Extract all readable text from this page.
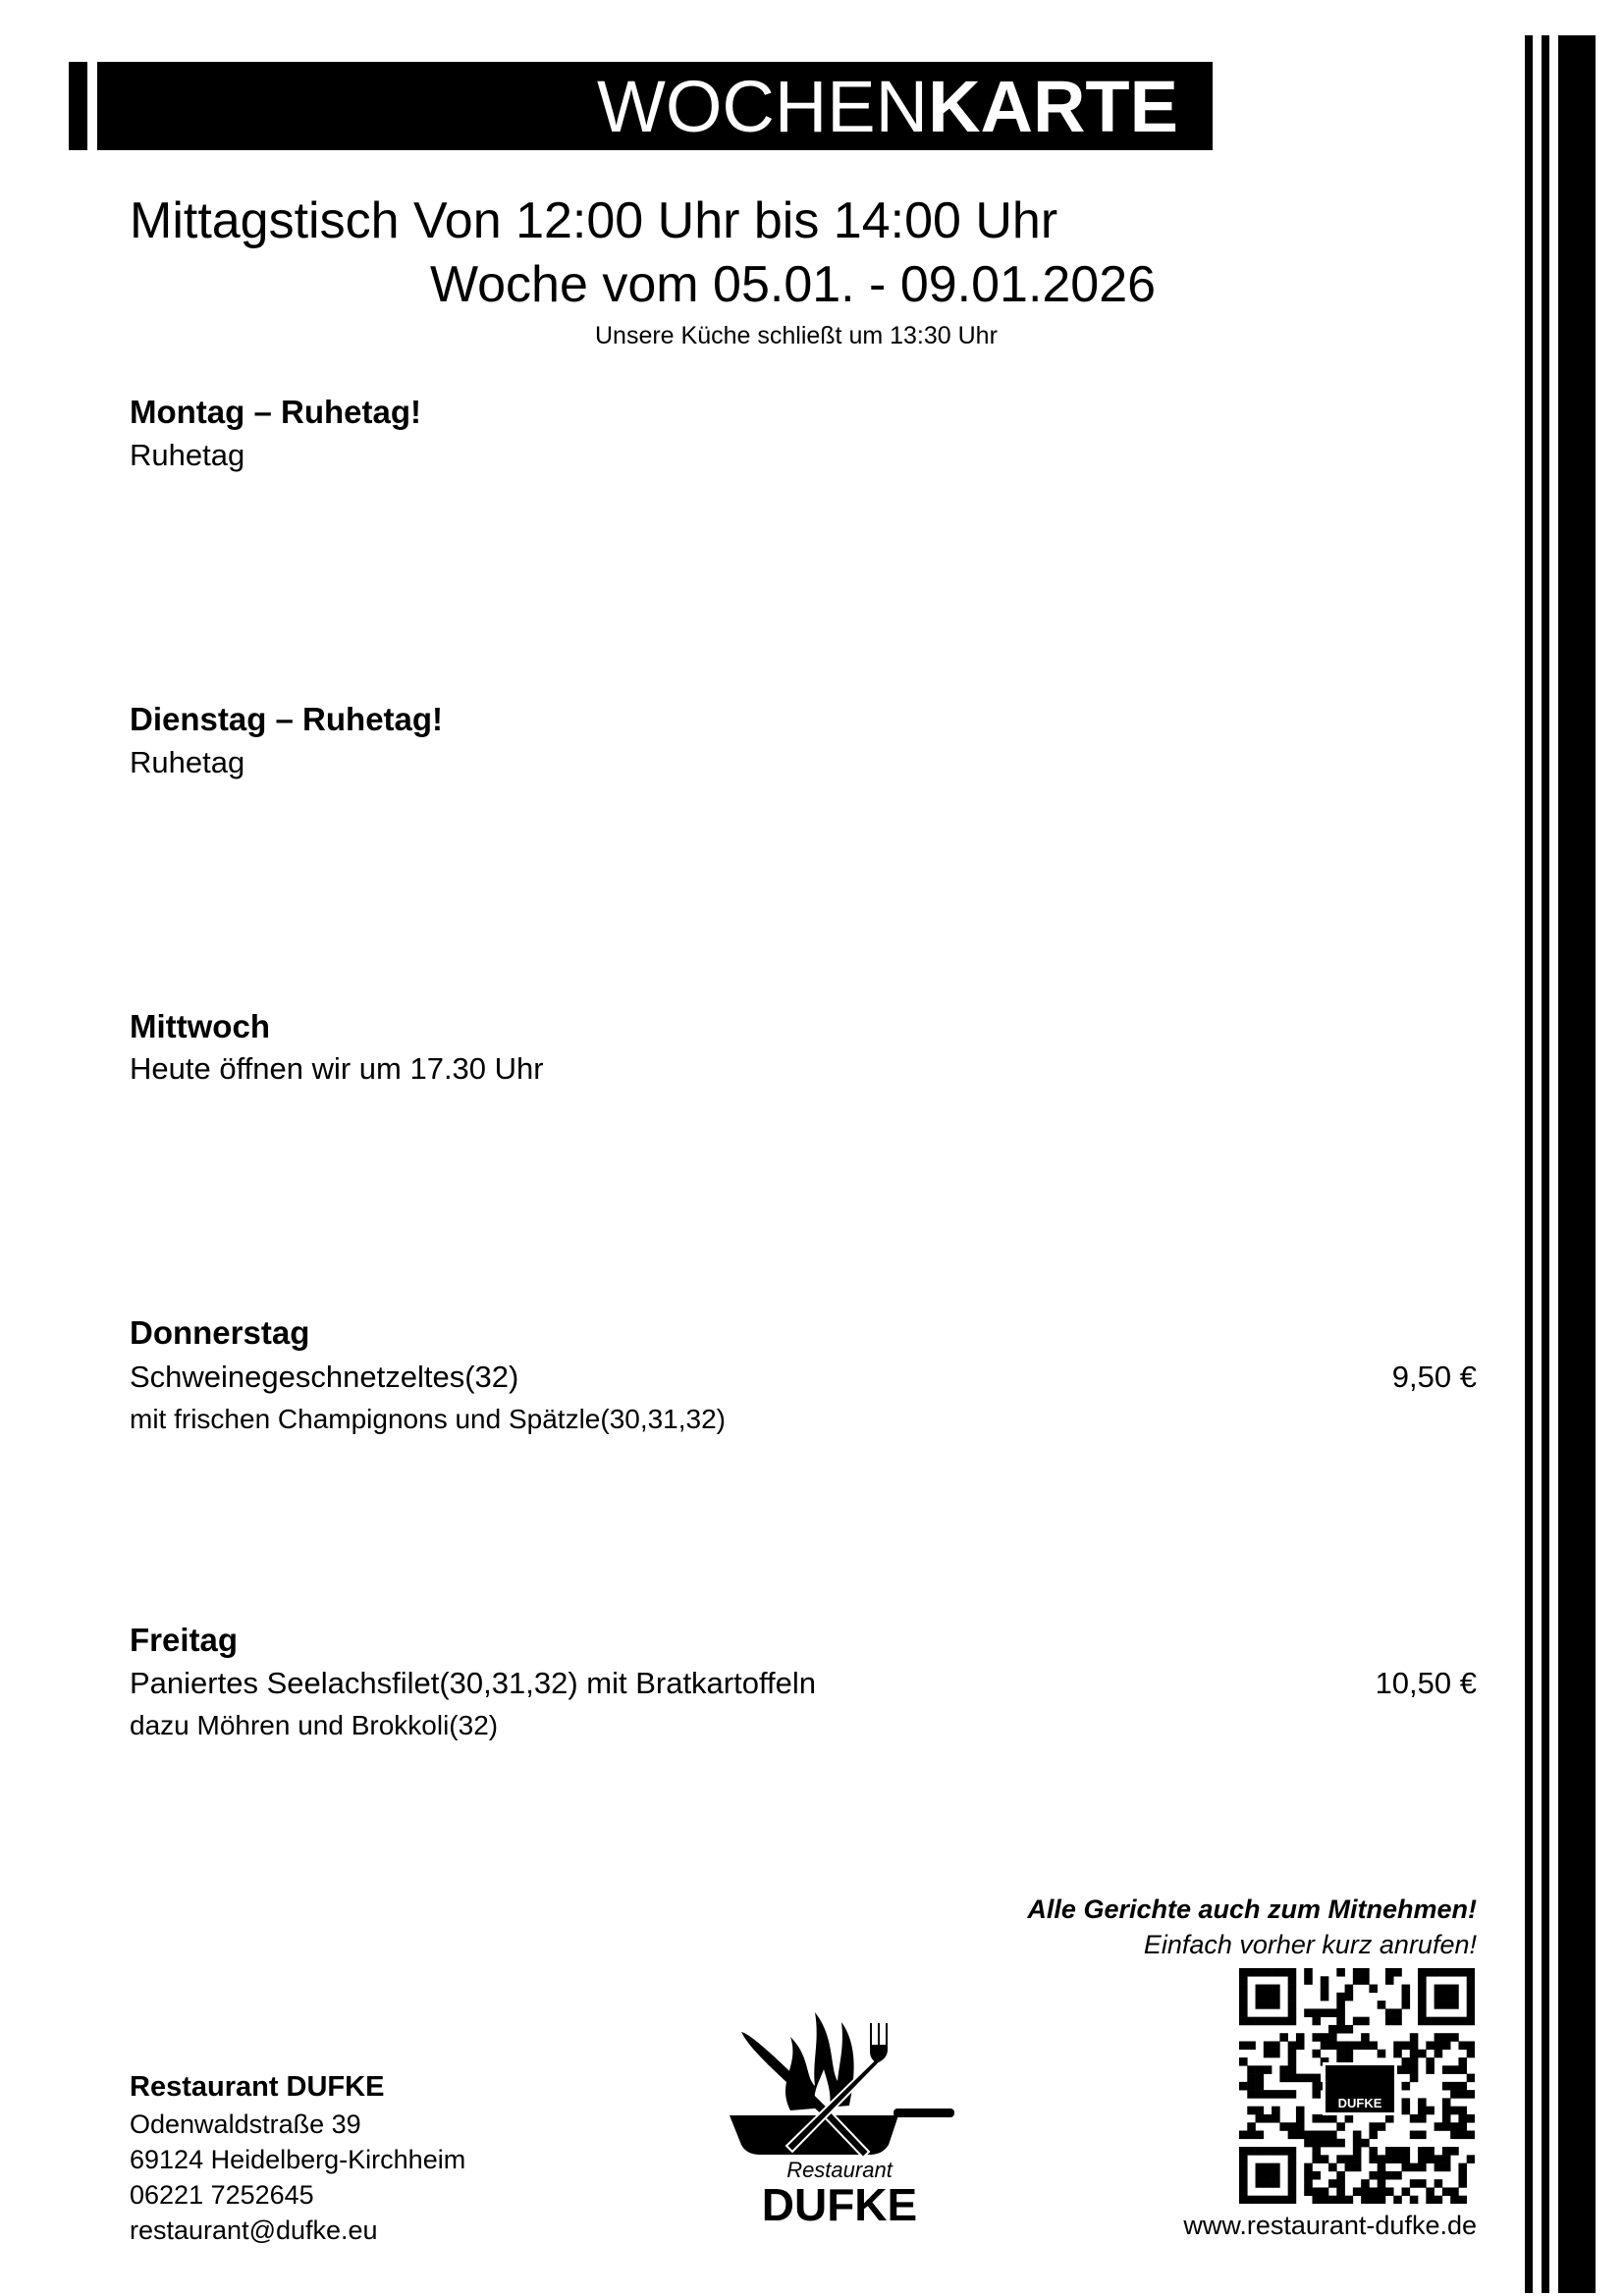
WOCHENKARTE
Mittagstisch Von 12:00 Uhr bis 14:00 Uhr
Woche vom 05.01. - 09.01.2026
Unsere Küche schließt um 13:30 Uhr
Montag – Ruhetag!
Ruhetag
Dienstag – Ruhetag!
Ruhetag
Mittwoch
Heute öffnen wir um 17.30 Uhr
Donnerstag
Schweinegeschnetzeltes(32)
mit frischen Champignons und Spätzle(30,31,32)
9,50 €
Freitag
Paniertes Seelachsfilet(30,31,32) mit Bratkartoffeln
dazu Möhren und Brokkoli(32)
10,50 €
Alle Gerichte auch zum Mitnehmen!
Einfach vorher kurz anrufen!
Restaurant DUFKE
Odenwaldstraße 39
69124 Heidelberg-Kirchheim
06221 7252645
restaurant@dufke.eu
Restaurant
DUFKE
DUFKE
www.restaurant-dufke.de
